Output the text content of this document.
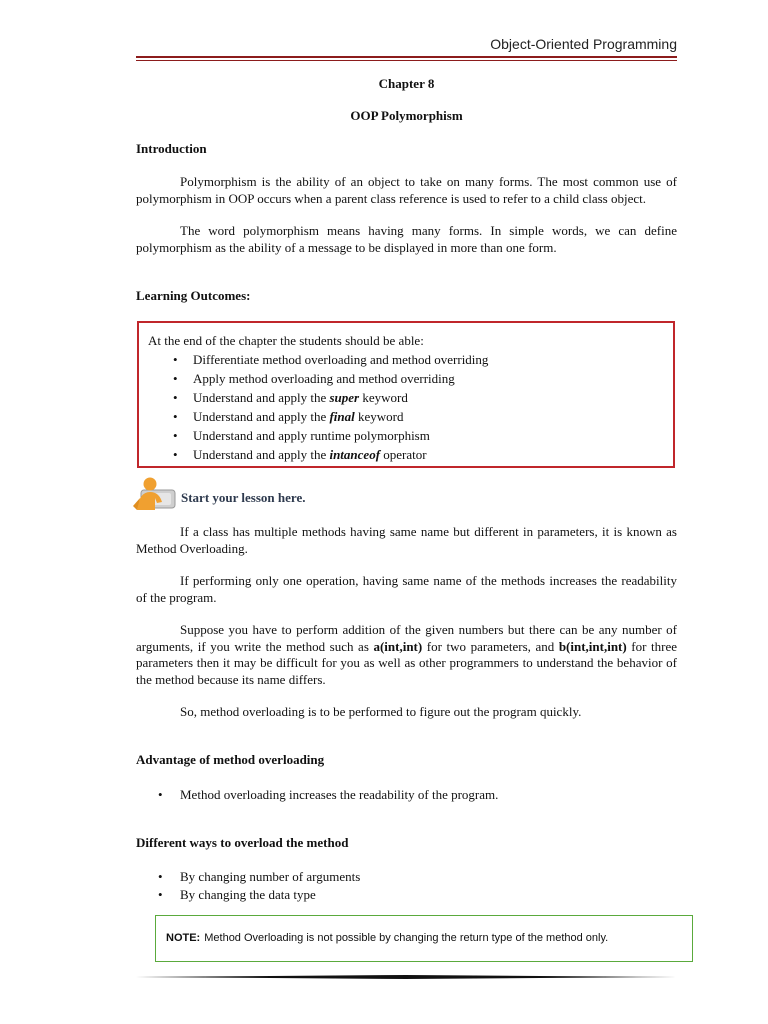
Object-Oriented Programming
Chapter 8
OOP Polymorphism
Introduction
Polymorphism is the ability of an object to take on many forms. The most common use of polymorphism in OOP occurs when a parent class reference is used to refer to a child class object.
The word polymorphism means having many forms. In simple words, we can define polymorphism as the ability of a message to be displayed in more than one form.
Learning Outcomes:
At the end of the chapter the students should be able:
• Differentiate method overloading and method overriding
• Apply method overloading and method overriding
• Understand and apply the super keyword
• Understand and apply the final keyword
• Understand and apply runtime polymorphism
• Understand and apply the intanceof operator
Start your lesson here.
If a class has multiple methods having same name but different in parameters, it is known as Method Overloading.
If performing only one operation, having same name of the methods increases the readability of the program.
Suppose you have to perform addition of the given numbers but there can be any number of arguments, if you write the method such as a(int,int) for two parameters, and b(int,int,int) for three parameters then it may be difficult for you as well as other programmers to understand the behavior of the method because its name differs.
So, method overloading is to be performed to figure out the program quickly.
Advantage of method overloading
• Method overloading increases the readability of the program.
Different ways to overload the method
• By changing number of arguments
• By changing the data type
NOTE: Method Overloading is not possible by changing the return type of the method only.
